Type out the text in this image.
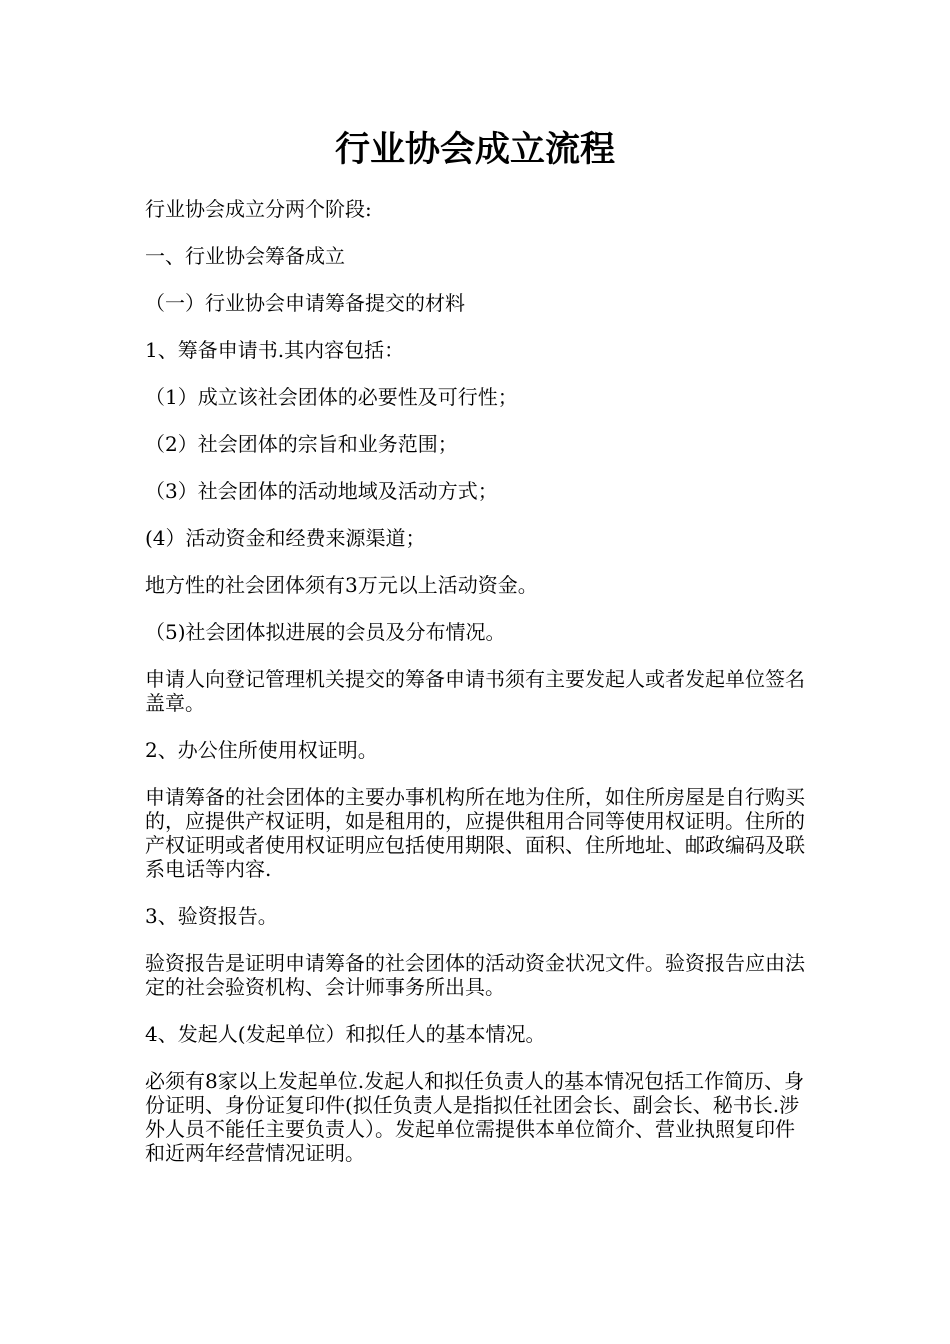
行业协会成立流程

行业协会成立分两个阶段:

一、行业协会筹备成立

（一）行业协会申请筹备提交的材料

1、筹备申请书.其内容包括：

（1）成立该社会团体的必要性及可行性；

（2）社会团体的宗旨和业务范围；

（3）社会团体的活动地域及活动方式；

(4）活动资金和经费来源渠道；

地方性的社会团体须有3万元以上活动资金。

（5)社会团体拟进展的会员及分布情况。

申请人向登记管理机关提交的筹备申请书须有主要发起人或者发起单位签名盖章。

2、办公住所使用权证明。

申请筹备的社会团体的主要办事机构所在地为住所，如住所房屋是自行购买的，应提供产权证明，如是租用的，应提供租用合同等使用权证明。住所的产权证明或者使用权证明应包括使用期限、面积、住所地址、邮政编码及联系电话等内容.

3、验资报告。

验资报告是证明申请筹备的社会团体的活动资金状况文件。验资报告应由法定的社会验资机构、会计师事务所出具。

4、发起人(发起单位）和拟任人的基本情况。

必须有8家以上发起单位.发起人和拟任负责人的基本情况包括工作简历、身份证明、身份证复印件(拟任负责人是指拟任社团会长、副会长、秘书长.涉外人员不能任主要负责人）。发起单位需提供本单位简介、营业执照复印件和近两年经营情况证明。
